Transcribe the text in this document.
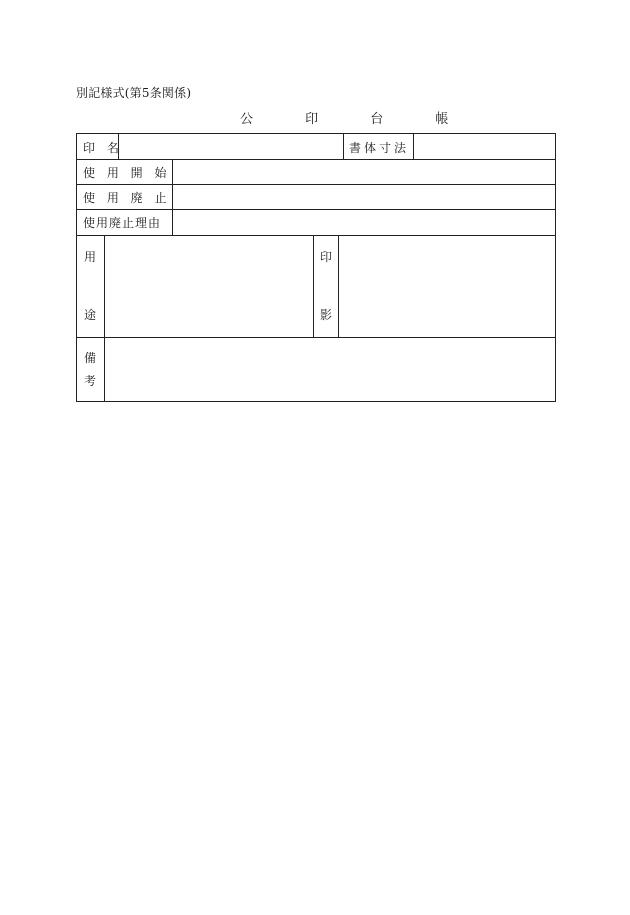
別記様式(第5条関係)
公 印 台 帳
印 名	書体寸法
使 用 開 始
使 用 廃 止
使用廃止理由
用
途
印
影
備
考
